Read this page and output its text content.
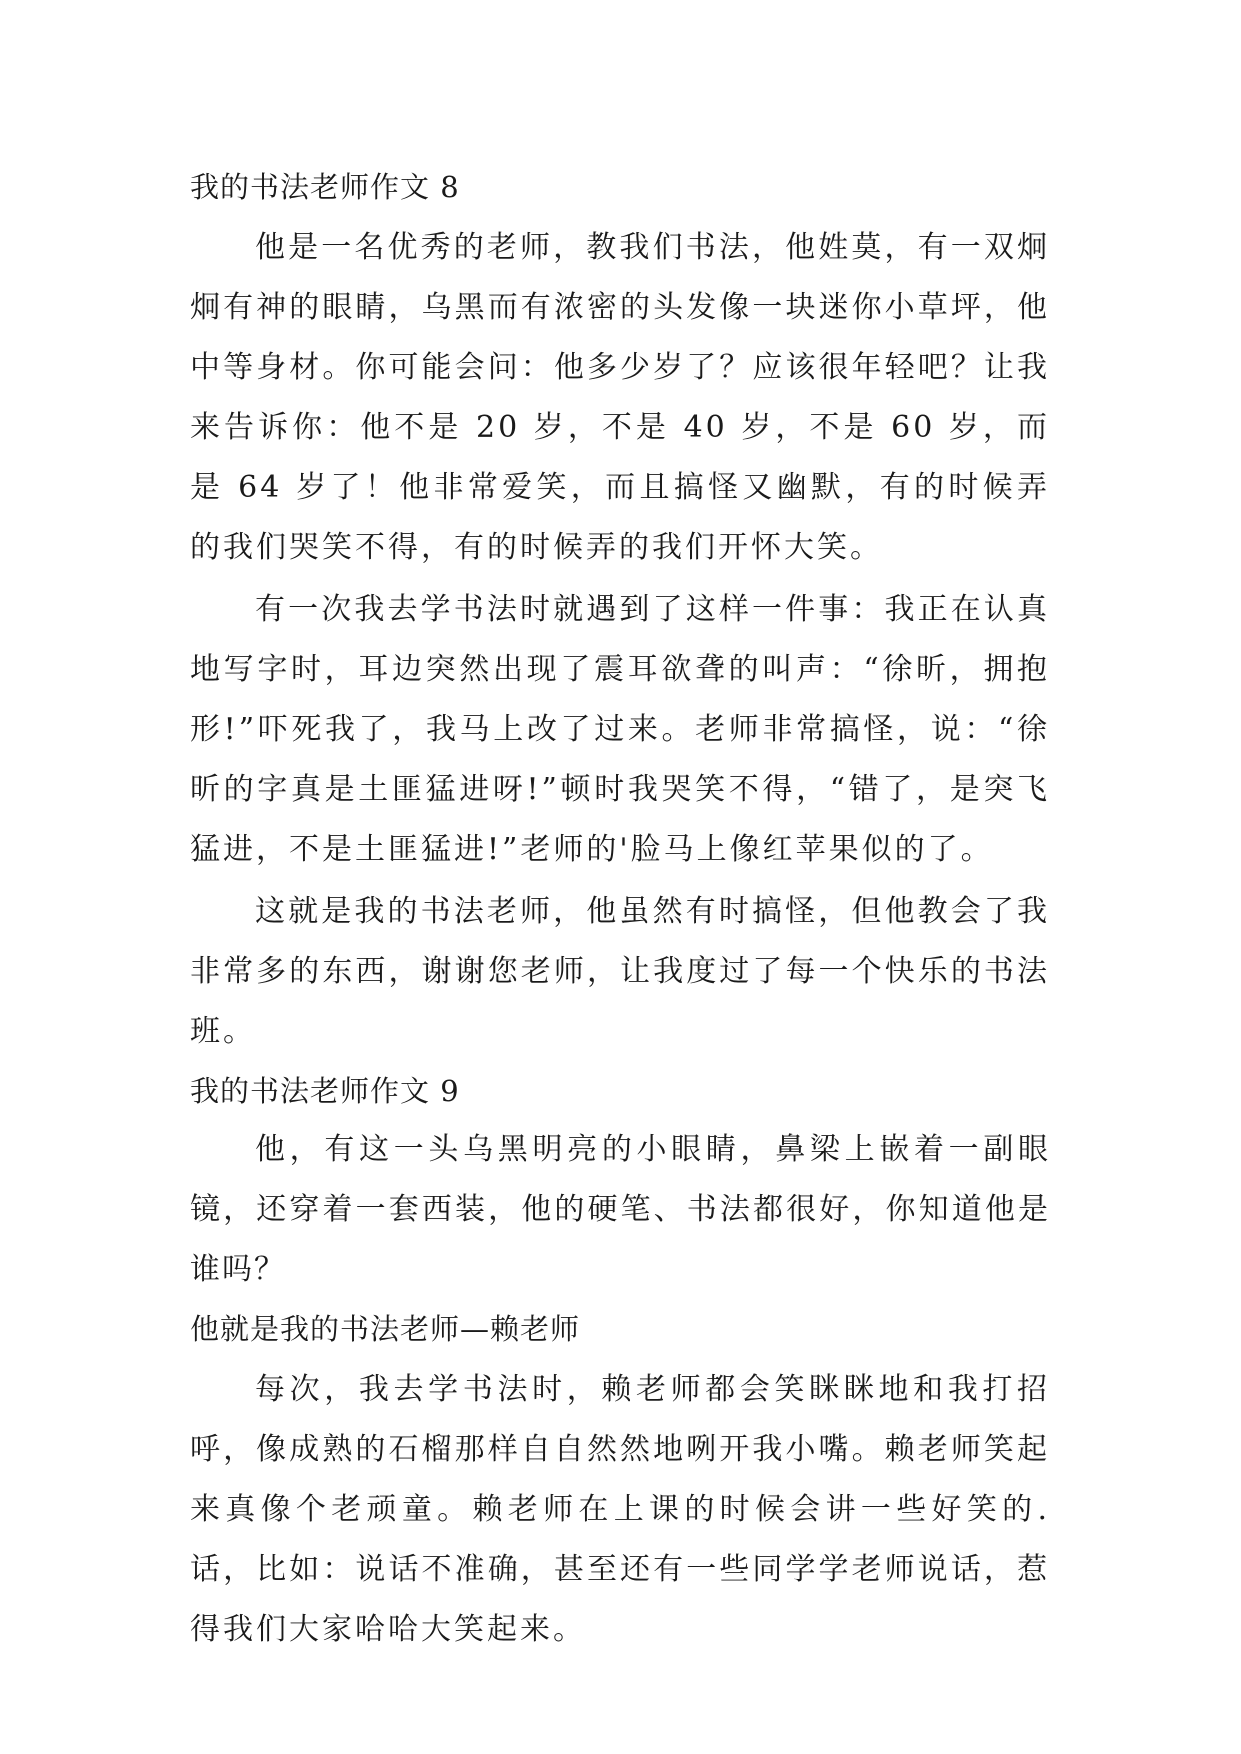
我的书法老师作文 8

他是一名优秀的老师，教我们书法，他姓莫，有一双炯炯有神的眼睛，乌黑而有浓密的头发像一块迷你小草坪，他中等身材。你可能会问：他多少岁了？应该很年轻吧？让我来告诉你：他不是 20 岁，不是 40 岁，不是 60 岁，而是 64 岁了！他非常爱笑，而且搞怪又幽默，有的时候弄的我们哭笑不得，有的时候弄的我们开怀大笑。

有一次我去学书法时就遇到了这样一件事：我正在认真地写字时，耳边突然出现了震耳欲聋的叫声：“徐昕，拥抱形!”吓死我了，我马上改了过来。老师非常搞怪，说：“徐昕的字真是土匪猛进呀!”顿时我哭笑不得，“错了，是突飞猛进，不是土匪猛进!”老师的'脸马上像红苹果似的了。

这就是我的书法老师，他虽然有时搞怪，但他教会了我非常多的东西，谢谢您老师，让我度过了每一个快乐的书法班。

我的书法老师作文 9

他，有这一头乌黑明亮的小眼睛，鼻梁上嵌着一副眼镜，还穿着一套西装，他的硬笔、书法都很好，你知道他是谁吗？

他就是我的书法老师—赖老师

每次，我去学书法时，赖老师都会笑眯眯地和我打招呼，像成熟的石榴那样自自然然地咧开我小嘴。赖老师笑起来真像个老顽童。赖老师在上课的时候会讲一些好笑的.话，比如：说话不准确，甚至还有一些同学学老师说话，惹得我们大家哈哈大笑起来。
